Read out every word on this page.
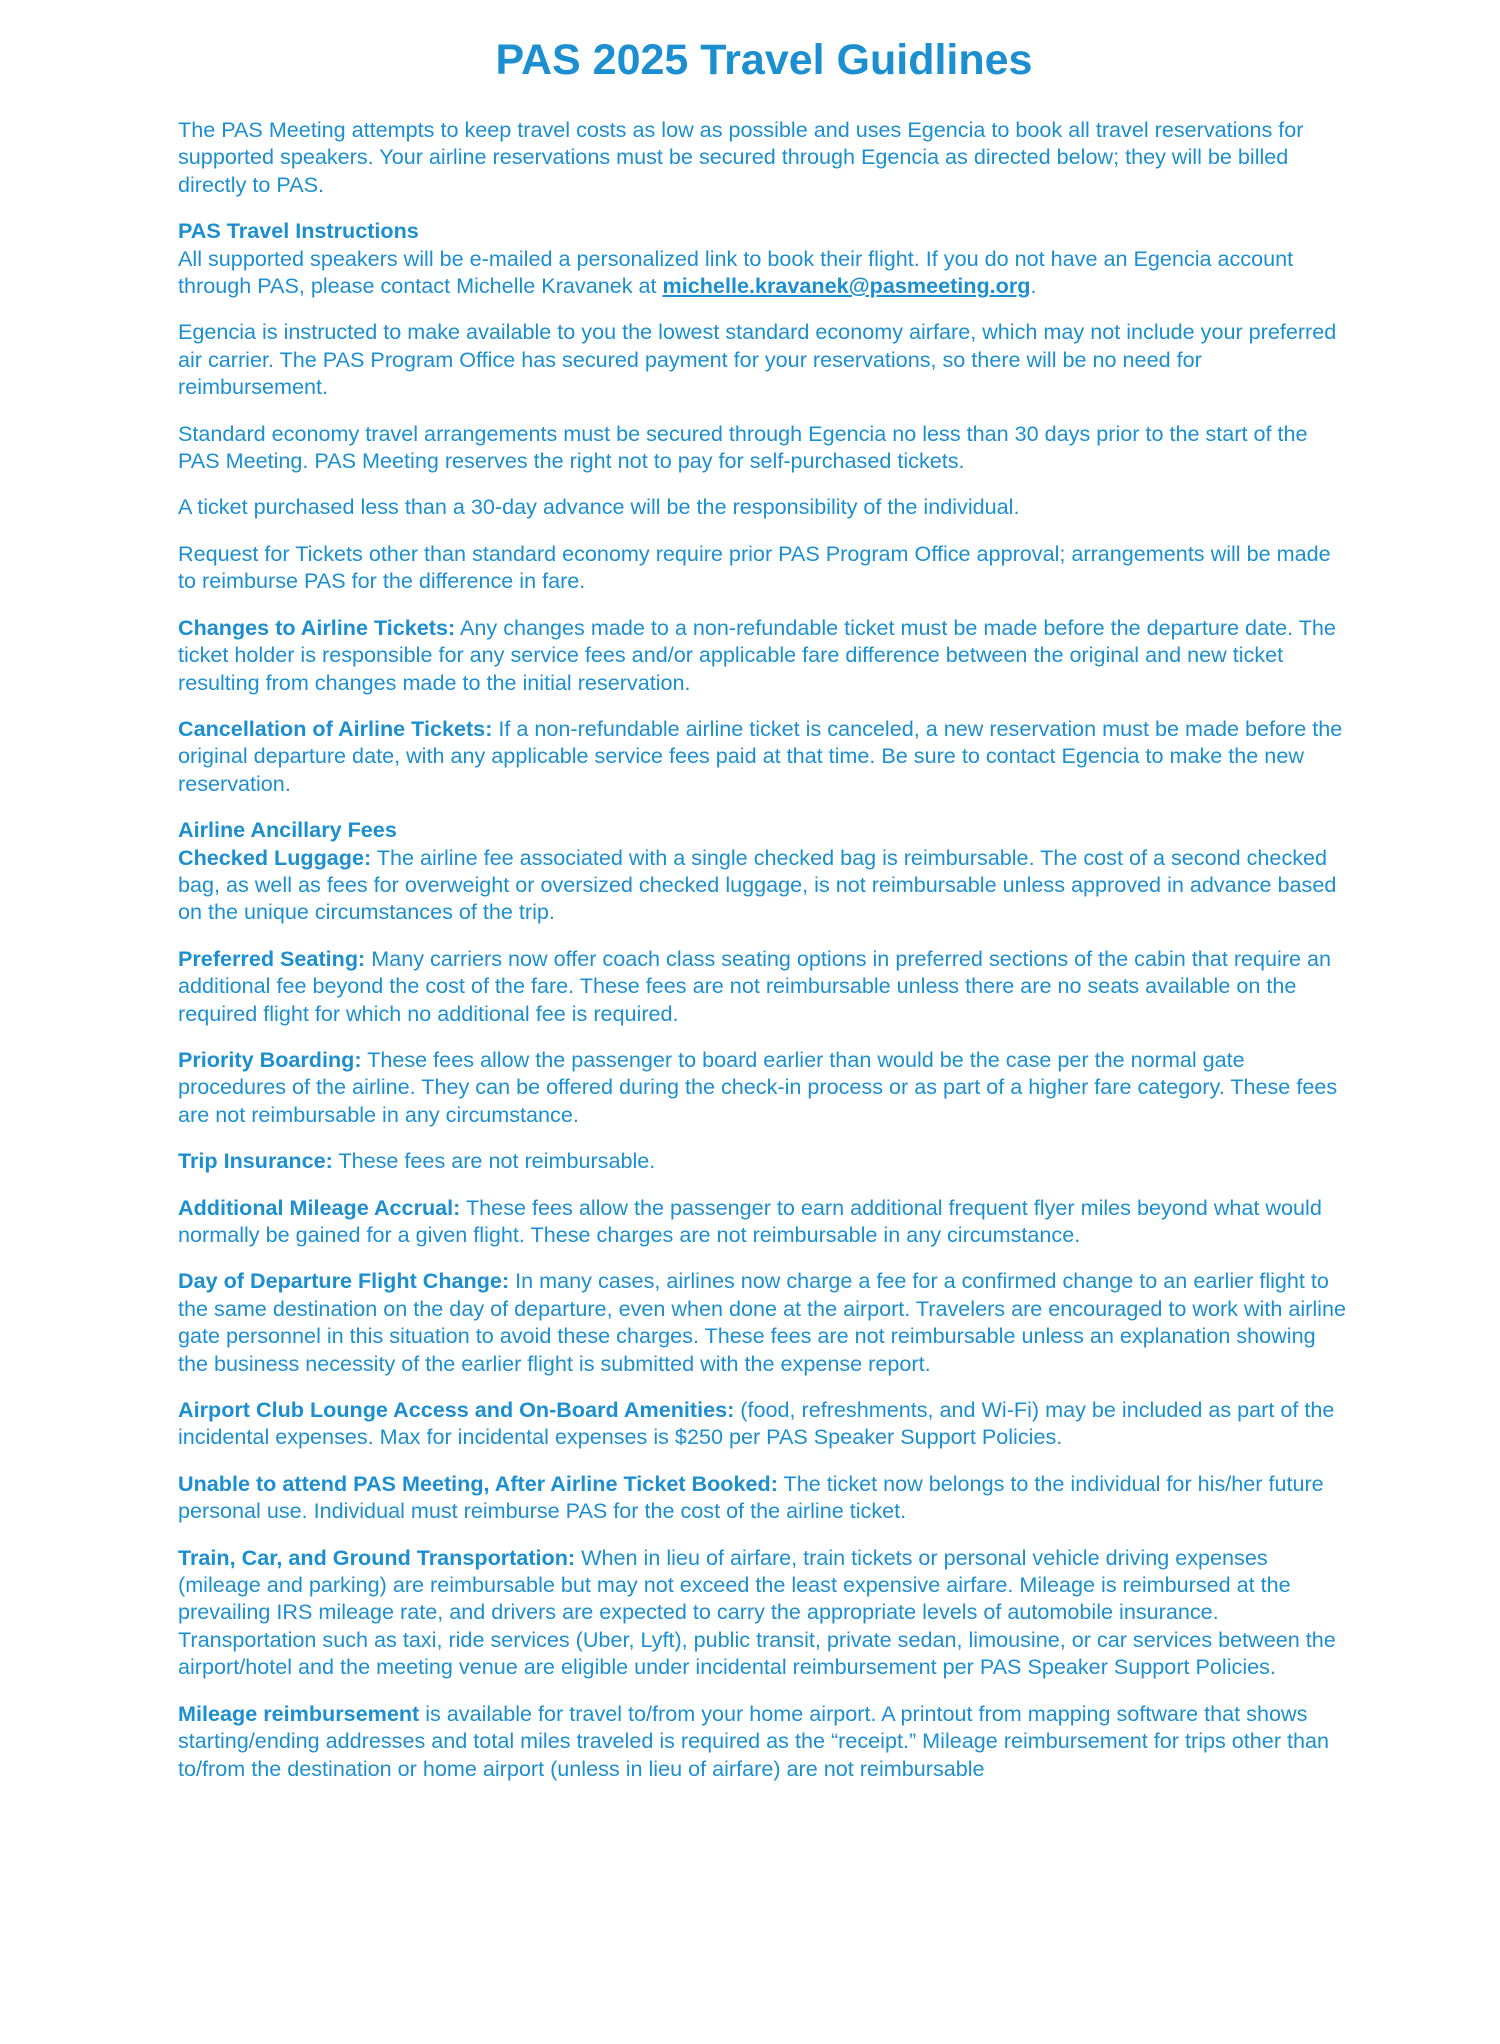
PAS 2025 Travel Guidlines

The PAS Meeting attempts to keep travel costs as low as possible and uses Egencia to book all travel reservations for supported speakers. Your airline reservations must be secured through Egencia as directed below; they will be billed directly to PAS.

PAS Travel Instructions
All supported speakers will be e-mailed a personalized link to book their flight. If you do not have an Egencia account through PAS, please contact Michelle Kravanek at michelle.kravanek@pasmeeting.org.

Egencia is instructed to make available to you the lowest standard economy airfare, which may not include your preferred air carrier. The PAS Program Office has secured payment for your reservations, so there will be no need for reimbursement.

Standard economy travel arrangements must be secured through Egencia no less than 30 days prior to the start of the PAS Meeting. PAS Meeting reserves the right not to pay for self-purchased tickets.

A ticket purchased less than a 30-day advance will be the responsibility of the individual.

Request for Tickets other than standard economy require prior PAS Program Office approval; arrangements will be made to reimburse PAS for the difference in fare.

Changes to Airline Tickets: Any changes made to a non-refundable ticket must be made before the departure date. The ticket holder is responsible for any service fees and/or applicable fare difference between the original and new ticket resulting from changes made to the initial reservation.

Cancellation of Airline Tickets: If a non-refundable airline ticket is canceled, a new reservation must be made before the original departure date, with any applicable service fees paid at that time. Be sure to contact Egencia to make the new reservation.

Airline Ancillary Fees
Checked Luggage: The airline fee associated with a single checked bag is reimbursable. The cost of a second checked bag, as well as fees for overweight or oversized checked luggage, is not reimbursable unless approved in advance based on the unique circumstances of the trip.

Preferred Seating: Many carriers now offer coach class seating options in preferred sections of the cabin that require an additional fee beyond the cost of the fare. These fees are not reimbursable unless there are no seats available on the required flight for which no additional fee is required.

Priority Boarding: These fees allow the passenger to board earlier than would be the case per the normal gate procedures of the airline. They can be offered during the check-in process or as part of a higher fare category. These fees are not reimbursable in any circumstance.

Trip Insurance: These fees are not reimbursable.

Additional Mileage Accrual: These fees allow the passenger to earn additional frequent flyer miles beyond what would normally be gained for a given flight. These charges are not reimbursable in any circumstance.

Day of Departure Flight Change: In many cases, airlines now charge a fee for a confirmed change to an earlier flight to the same destination on the day of departure, even when done at the airport. Travelers are encouraged to work with airline gate personnel in this situation to avoid these charges. These fees are not reimbursable unless an explanation showing the business necessity of the earlier flight is submitted with the expense report.

Airport Club Lounge Access and On-Board Amenities: (food, refreshments, and Wi-Fi) may be included as part of the incidental expenses. Max for incidental expenses is $250 per PAS Speaker Support Policies.

Unable to attend PAS Meeting, After Airline Ticket Booked: The ticket now belongs to the individual for his/her future personal use. Individual must reimburse PAS for the cost of the airline ticket.

Train, Car, and Ground Transportation: When in lieu of airfare, train tickets or personal vehicle driving expenses (mileage and parking) are reimbursable but may not exceed the least expensive airfare. Mileage is reimbursed at the prevailing IRS mileage rate, and drivers are expected to carry the appropriate levels of automobile insurance. Transportation such as taxi, ride services (Uber, Lyft), public transit, private sedan, limousine, or car services between the airport/hotel and the meeting venue are eligible under incidental reimbursement per PAS Speaker Support Policies.

Mileage reimbursement is available for travel to/from your home airport. A printout from mapping software that shows starting/ending addresses and total miles traveled is required as the “receipt.” Mileage reimbursement for trips other than to/from the destination or home airport (unless in lieu of airfare) are not reimbursable
